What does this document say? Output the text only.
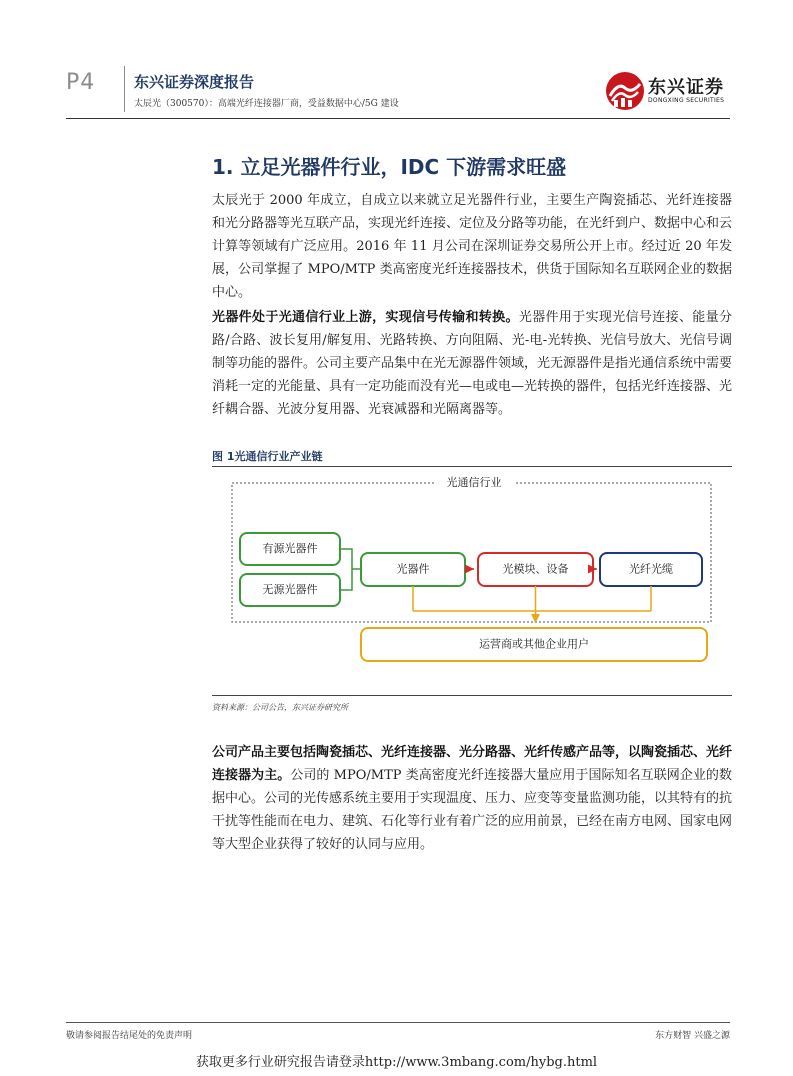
P4	东兴证券深度报告
太辰光（300570）：高端光纤连接器厂商，受益数据中心/5G 建设
东兴证券
DONGXING SECURITIES
1. 立足光器件行业，IDC 下游需求旺盛
太辰光于 2000 年成立，自成立以来就立足光器件行业，主要生产陶瓷插芯、光纤连接器和光分路器等光互联产品，实现光纤连接、定位及分路等功能，在光纤到户、数据中心和云计算等领域有广泛应用。2016 年 11 月公司在深圳证券交易所公开上市。经过近 20 年发展，公司掌握了 MPO/MTP 类高密度光纤连接器技术，供货于国际知名互联网企业的数据中心。
光器件处于光通信行业上游，实现信号传输和转换。光器件用于实现光信号连接、能量分路/合路、波长复用/解复用、光路转换、方向阻隔、光-电-光转换、光信号放大、光信号调制等功能的器件。公司主要产品集中在光无源器件领域，光无源器件是指光通信系统中需要消耗一定的光能量、具有一定功能而没有光—电或电—光转换的器件，包括光纤连接器、光纤耦合器、光波分复用器、光衰减器和光隔离器等。
图 1光通信行业产业链
光通信行业
有源光器件
无源光器件
光器件	光模块、设备	光纤光缆
运营商或其他企业用户
资料来源：公司公告，东兴证券研究所
公司产品主要包括陶瓷插芯、光纤连接器、光分路器、光纤传感产品等，以陶瓷插芯、光纤连接器为主。公司的 MPO/MTP 类高密度光纤连接器大量应用于国际知名互联网企业的数据中心。公司的光传感系统主要用于实现温度、压力、应变等变量监测功能，以其特有的抗干扰等性能而在电力、建筑、石化等行业有着广泛的应用前景，已经在南方电网、国家电网等大型企业获得了较好的认同与应用。
敬请参阅报告结尾处的免责声明	东方财智 兴盛之源
获取更多行业研究报告请登录http://www.3mbang.com/hybg.html
